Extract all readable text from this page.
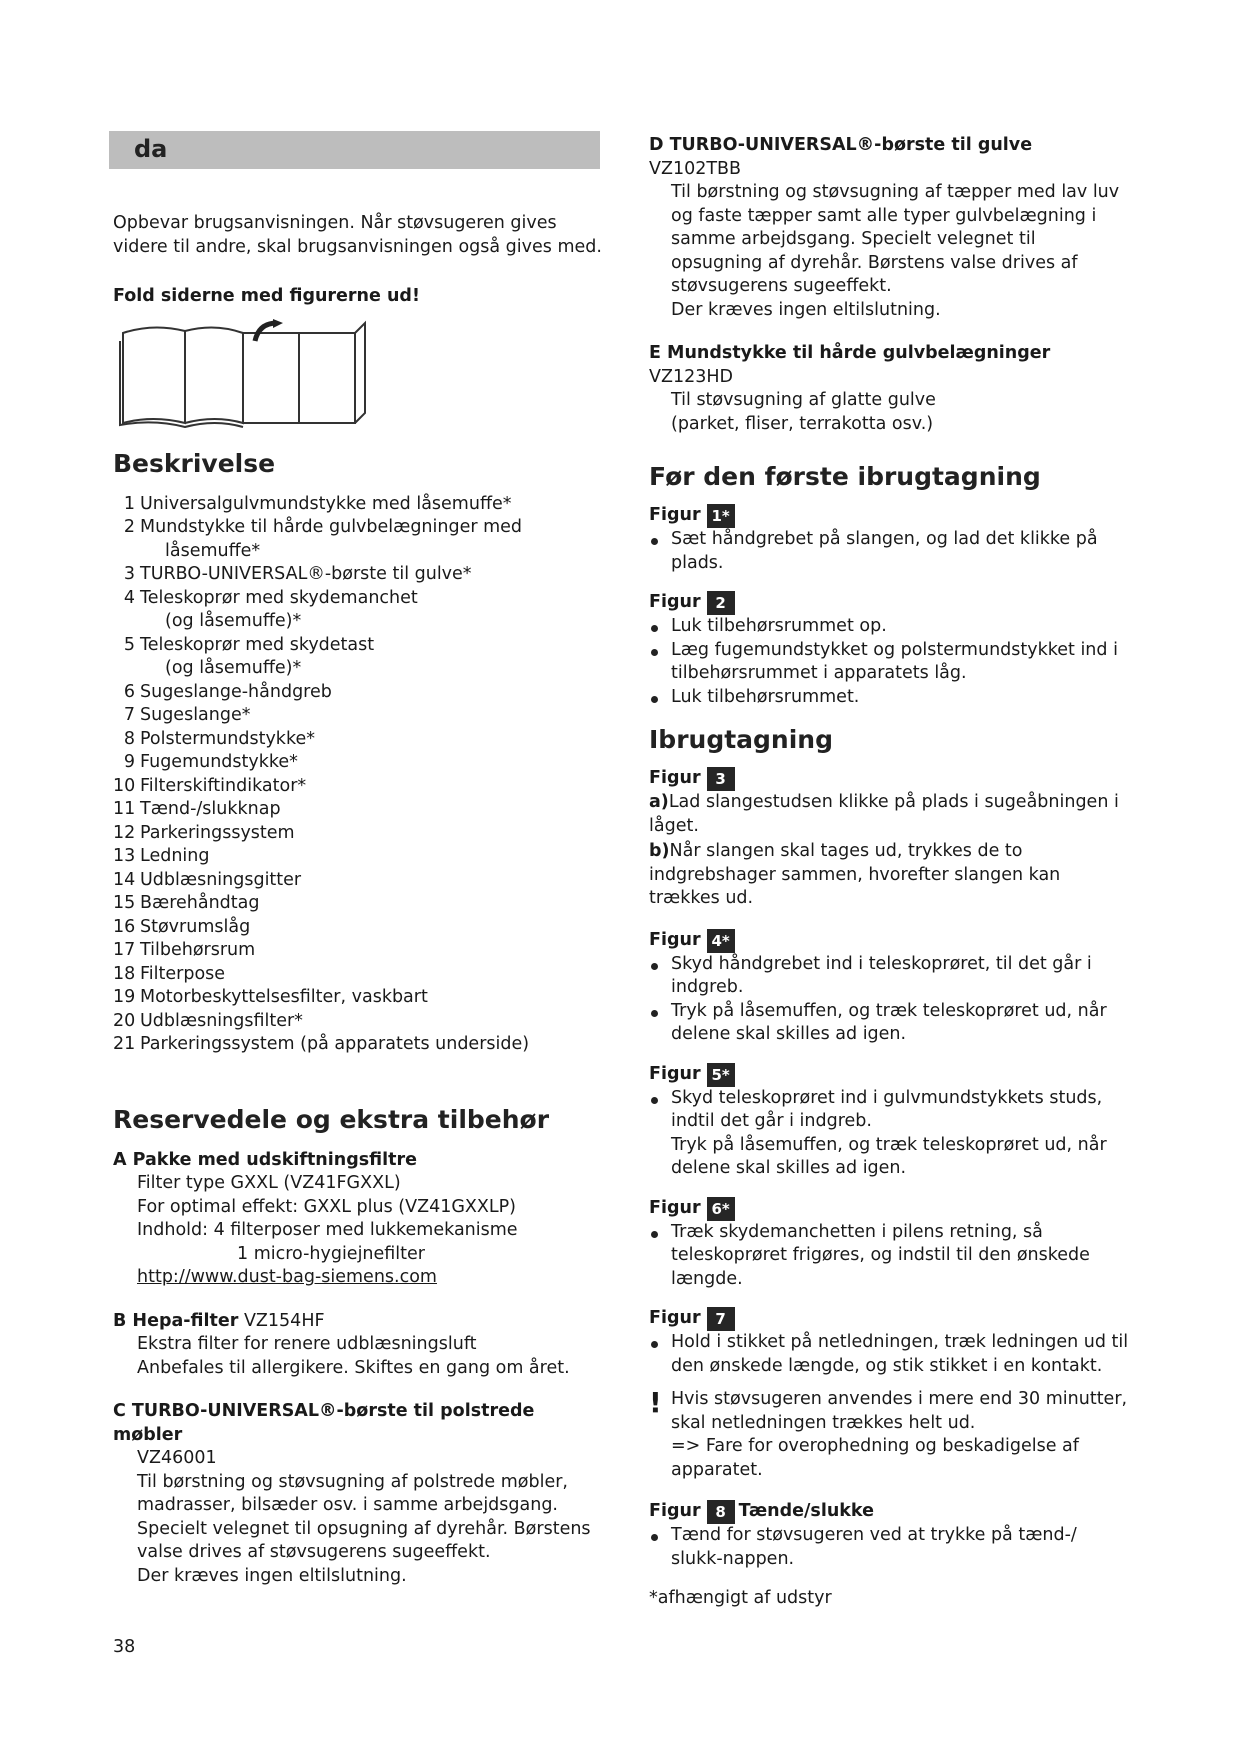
da

Opbevar brugsanvisningen. Når støvsugeren gives videre til andre, skal brugsanvisningen også gives med.

Fold siderne med figurerne ud!

Beskrivelse
1 Universalgulvmundstykke med låsemuffe*
2 Mundstykke til hårde gulvbelægninger med
låsemuffe*
3 TURBO-UNIVERSAL®-børste til gulve*
4 Teleskoprør med skydemanchet
(og låsemuffe)*
5 Teleskoprør med skydetast
(og låsemuffe)*
6 Sugeslange-håndgreb
7 Sugeslange*
8 Polstermundstykke*
9 Fugemundstykke*
10 Filterskiftindikator*
11 Tænd-/slukknap
12 Parkeringssystem
13 Ledning
14 Udblæsningsgitter
15 Bærehåndtag
16 Støvrumslåg
17 Tilbehørsrum
18 Filterpose
19 Motorbeskyttelsesfilter, vaskbart
20 Udblæsningsfilter*
21 Parkeringssystem (på apparatets underside)
Reservedele og ekstra tilbehør

A Pakke med udskiftningsfiltre

Filter type GXXL (VZ41FGXXL)

For optimal effekt: GXXL plus (VZ41GXXLP)

Indhold: 4 filterposer med lukkemekanisme

1 micro-hygiejnefilter

http://www.dust-bag-siemens.com

B Hepa-filter VZ154HF

Ekstra filter for renere udblæsningsluft

Anbefales til allergikere. Skiftes en gang om året.

C TURBO-UNIVERSAL®-børste til polstrede møbler

VZ46001

Til børstning og støvsugning af polstrede møbler, madrasser, bilsæder osv. i samme arbejdsgang.

Specielt velegnet til opsugning af dyrehår. Børstens valse drives af støvsugerens sugeeffekt.

Der kræves ingen eltilslutning.

38

D TURBO-UNIVERSAL®-børste til gulve VZ102TBB

Til børstning og støvsugning af tæpper med lav luv og faste tæpper samt alle typer gulvbelægning i samme arbejdsgang. Specielt velegnet til opsugning af dyrehår. Børstens valse drives af støvsugerens sugeeffekt.

Der kræves ingen eltilslutning.

E Mundstykke til hårde gulvbelægninger VZ123HD

Til støvsugning af glatte gulve

(parket, fliser, terrakotta osv.)

Før den første ibrugtagning
Figur 1*
Sæt håndgrebet på slangen, og lad det klikke på plads.
Figur 2
Luk tilbehørsrummet op.
Læg fugemundstykket og polstermundstykket ind i tilbehørsrummet i apparatets låg.
Luk tilbehørsrummet.
Ibrugtagning
Figur 3
a)Lad slangestudsen klikke på plads i sugeåbningen i låget.
b)Når slangen skal tages ud, trykkes de to indgrebshager sammen, hvorefter slangen kan trækkes ud.
Figur 4*
Skyd håndgrebet ind i teleskoprøret, til det går i indgreb.
Tryk på låsemuffen, og træk teleskoprøret ud, når delene skal skilles ad igen.
Figur 5*
Skyd teleskoprøret ind i gulvmundstykkets studs, indtil det går i indgreb.

Tryk på låsemuffen, og træk teleskoprøret ud, når delene skal skilles ad igen.

Figur 6*
Træk skydemanchetten i pilens retning, så teleskoprøret frigøres, og indstil til den ønskede længde.
Figur 7
Hold i stikket på netledningen, træk ledningen ud til den ønskede længde, og stik stikket i en kontakt.
! Hvis støvsugeren anvendes i mere end 30 minutter, skal netledningen trækkes helt ud.

=> Fare for overophedning og beskadigelse af apparatet.

Figur 8 Tænde/slukke
Tænd for støvsugeren ved at trykke på tænd-/ slukk-nappen.

*afhængigt af udstyr
